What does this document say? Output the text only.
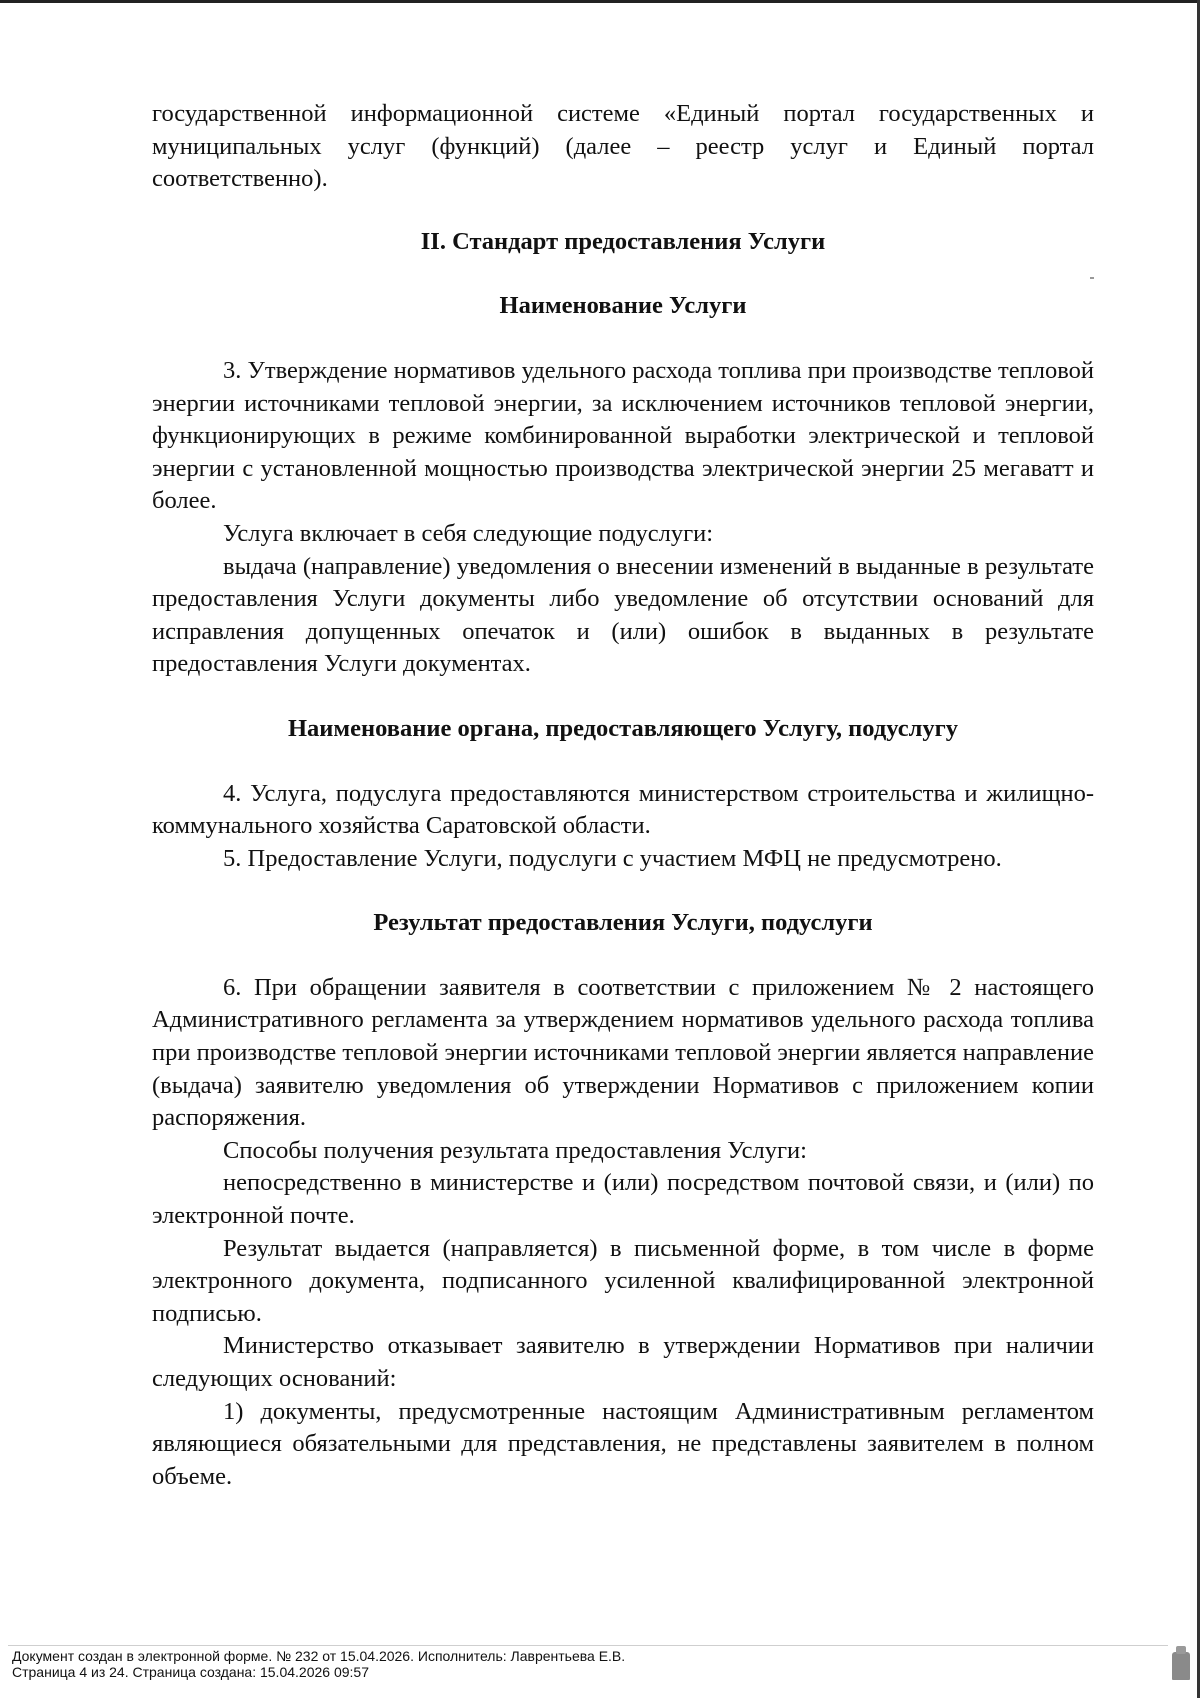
государственной информационной системе «Единый портал государственных и муниципальных услуг (функций) (далее – реестр услуг и Единый портал соответственно).

II. Стандарт предоставления Услуги

Наименование Услуги

3. Утверждение нормативов удельного расхода топлива при производстве тепловой энергии источниками тепловой энергии, за исключением источников тепловой энергии, функционирующих в режиме комбинированной выработки электрической и тепловой энергии с установленной мощностью производства электрической энергии 25 мегаватт и более.

Услуга включает в себя следующие подуслуги:

выдача (направление) уведомления о внесении изменений в выданные в результате предоставления Услуги документы либо уведомление об отсутствии оснований для исправления допущенных опечаток и (или) ошибок в выданных в результате предоставления Услуги документах.

Наименование органа, предоставляющего Услугу, подуслугу

4. Услуга, подуслуга предоставляются министерством строительства и жилищно-коммунального хозяйства Саратовской области.

5. Предоставление Услуги, подуслуги с участием МФЦ не предусмотрено.

Результат предоставления Услуги, подуслуги

6. При обращении заявителя в соответствии с приложением № 2 настоящего Административного регламента за утверждением нормативов удельного расхода топлива при производстве тепловой энергии источниками тепловой энергии является направление (выдача) заявителю уведомления об утверждении Нормативов с приложением копии распоряжения.

Способы получения результата предоставления Услуги:

непосредственно в министерстве и (или) посредством почтовой связи, и (или) по электронной почте.

Результат выдается (направляется) в письменной форме, в том числе в форме электронного документа, подписанного усиленной квалифицированной электронной подписью.

Министерство отказывает заявителю в утверждении Нормативов при наличии следующих оснований:

1) документы, предусмотренные настоящим Административным регламентом являющиеся обязательными для представления, не представлены заявителем в полном объеме.

Документ создан в электронной форме. № 232 от 15.04.2026. Исполнитель: Лаврентьева Е.В.
Страница 4 из 24. Страница создана: 15.04.2026 09:57
